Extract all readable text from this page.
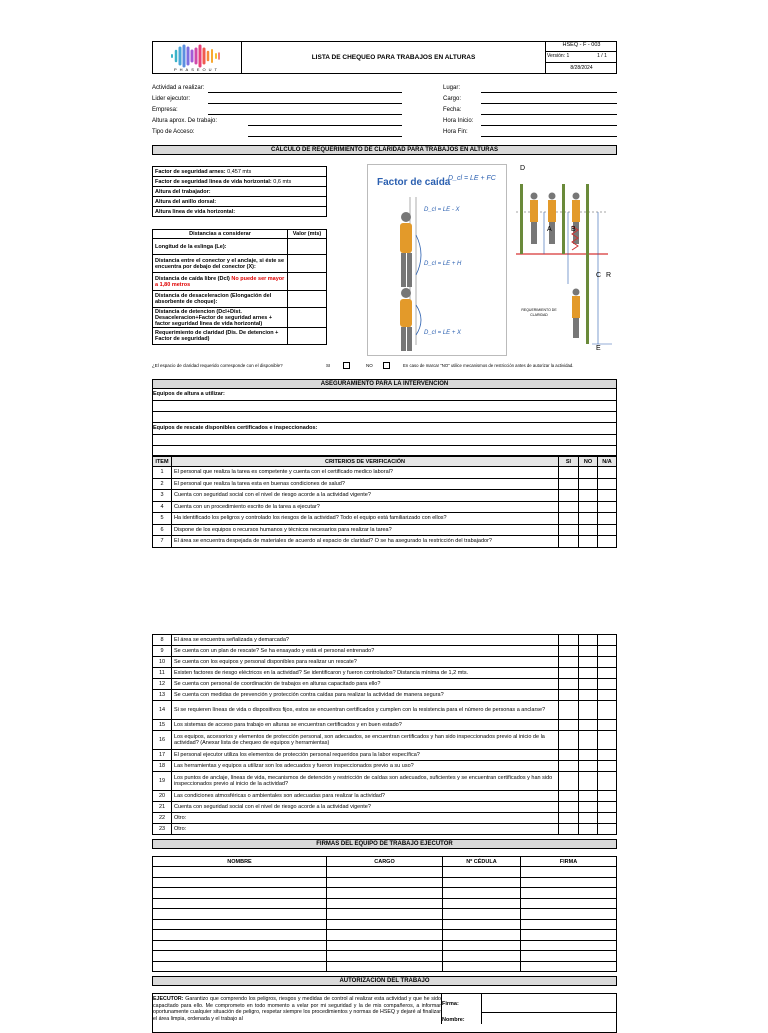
PHASEOUT
LISTA DE CHEQUEO PARA TRABAJOS EN ALTURAS
HSEQ - F - 003
Versión: 1	1 / 1
8/28/2024
Actividad a realizar:
Lider ejecutor:
Empresa:
Altura aprox. De trabajo:
Tipo de Acceso:
Lugar:
Cargo:
Fecha:
Hora Inicio:
Hora Fin:
CÁLCULO DE REQUERIMIENTO DE CLARIDAD PARA TRABAJOS EN ALTURAS
Factor de seguridad arnes: 0,457 mts
Factor de seguridad linea de vida horizontal: 0,6 mts
Altura del trabajador:
Altura del anillo dorsal:
Altura linea de vida horizontal:
Distancias a considerar	Valor (mts)
Longitud de la eslinga (Le):	
Distancia entre el conector y el anclaje, si éste se encuentra por debajo del conector (X):	
Distancia de caída libre (Dcl) No puede ser mayor a 1,80 metros	
Distancia de desaceleracion (Elongación del absorbente de choque):	
Distancia de detencion (Dcl+Dist. Desaceleracion+Factor de seguridad arnes + factor seguridad linea de vida horizontal)	
Requerimiento de claridad (Dis. De detencion + Factor de seguridad)	
Factor de caída
D_cl = LE + FC
D_cl = LE - X
D_cl = LE + H
D_cl = LE + X
D
A	B
C R
E
REQUERIMIENTO DE CLARIDAD
¿El espacio de claridad requerido corresponde con el disponible?	SI	NO	En caso de marcar "NO" utilice mecanismos de restricción antes de autorizar la actividad.
ASEGURAMIENTO PARA LA INTERVENCION
Equipos de altura a utilizar:
Equipos de rescate disponibles certificados e inspeccionados:
ITEM	CRITERIOS DE VERIFICACIÓN	SI	NO	N/A
1	El personal que realiza la tarea es competente y cuenta con el certificado medico laboral?			
2	El personal que realiza la tarea esta en buenas condiciones de salud?			
3	Cuenta con seguridad social con el nivel de riesgo acorde a la actividad vigente?			
4	Cuenta con un procedimiento escrito de la tarea a ejecutar?			
5	Ha identificado los peligros y controlado los riesgos de la actividad? Todo el equipo está familiarizado con ellos?			
6	Dispone de los equipos o recursos humanos y técnicos necesarios para realizar la tarea?			
7	El área se encuentra despejada de materiales de acuerdo al espacio de claridad? O se ha asegurado la restricción del trabajador?			
8	El área se encuentra señalizada y demarcada?			
9	Se cuenta con un plan de rescate? Se ha ensayado y está el personal entrenado?			
10	Se cuenta con los equipos y personal disponibles para realizar un rescate?			
11	Existen factores de riesgo eléctricos en la actividad? Se identificaron y fueron controlados? Distancia mínima de 1,2 mts.			
12	Se cuenta con personal de coordinación de trabajos en alturas capacitado para ello?			
13	Se cuenta con medidas de prevención y protección contra caídas para realizar la actividad de manera segura?			
14	Si se requieren líneas de vida o dispositivos fijos, estos se encuentran certificados y cumplen con la resistencia para el número de personas a anclarse?			
15	Los sistemas de acceso para trabajo en alturas se encuentran certificados y en buen estado?			
16	Los equipos, accesorios y elementos de protección personal, son adecuados, se encuentran certificados y han sido inspeccionados previo al inicio de la actividad? (Anexar lista de chequeo de equipos y herramientas)			
17	El personal ejecutor utiliza los elementos de protección personal requeridos para la labor específica?			
18	Las herramientas y equipos a utilizar son los adecuados y fueron inspeccionados previo a su uso?			
19	Los puntos de anclaje, líneas de vida, mecanismos de detención y restricción de caídas son adecuados, suficientes y se encuentran certificados y han sido inspeccionados previo al inicio de la actividad?			
20	Las condiciones atmosféricas o ambientales son adecuadas para realizar la actividad?			
21	Cuenta con seguridad social con el nivel de riesgo acorde a la actividad vigente?			
22	Otro:			
23	Otro:			
FIRMAS DEL EQUIPO DE TRABAJO EJECUTOR
NOMBRE	CARGO	Nº CÉDULA	FIRMA

AUTORIZACIÓN DEL TRABAJO
EJECUTOR: Garantizo que comprendo los peligros, riesgos y medidas de control al realizar esta actividad y que he sido capacitado para ello. Me comprometo en todo momento a velar por mi seguridad y la de mis compañeros, a informar oportunamente cualquier situación de peligro, respetar siempre los procedimientos y normas de HSEQ y dejaré al finalizar el área limpia, ordenada y el trabajo al
Firma:
Nombre:
